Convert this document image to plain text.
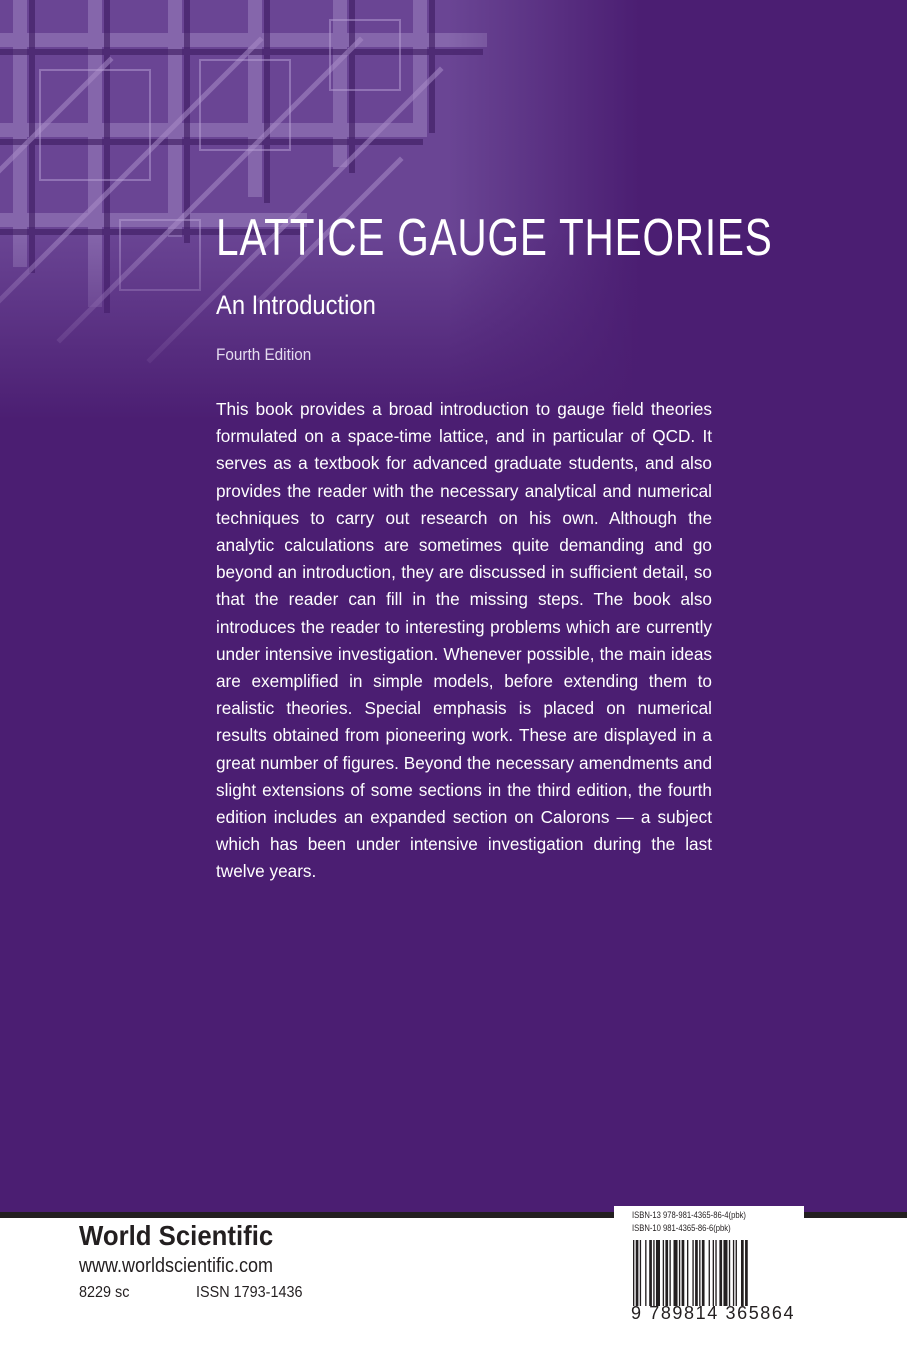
LATTICE GAUGE THEORIES
An Introduction
Fourth Edition

This book provides a broad introduction to gauge field theories formulated on a space-time lattice, and in particular of QCD. It serves as a textbook for advanced graduate students, and also provides the reader with the necessary analytical and numerical techniques to carry out research on his own. Although the analytic calculations are sometimes quite demanding and go beyond an introduction, they are discussed in sufficient detail, so that the reader can fill in the missing steps. The book also introduces the reader to interesting problems which are currently under intensive investigation. Whenever possible, the main ideas are exemplified in simple models, before extending them to realistic theories. Special emphasis is placed on numerical results obtained from pioneering work. These are displayed in a great number of figures. Beyond the necessary amendments and slight extensions of some sections in the third edition, the fourth edition includes an expanded section on Calorons — a subject which has been under intensive investigation during the last twelve years.

World Scientific
www.worldscientific.com
8229 sc	ISSN 1793-1436
ISBN-13 978-981-4365-86-4(pbk)
ISBN-10 981-4365-86-6(pbk)
9 789814 365864
